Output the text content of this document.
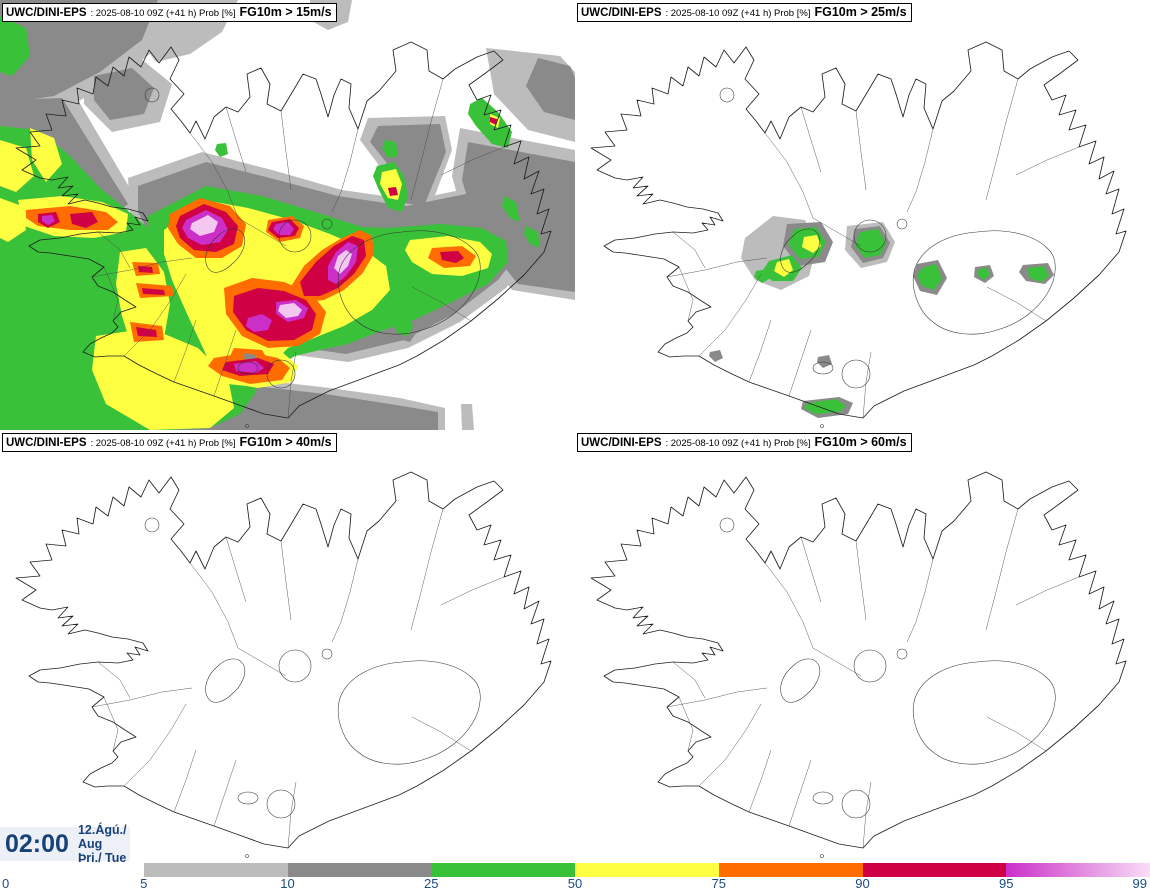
UWC/DINI-EPS : 2025-08-10 09Z (+41 h) Prob [%] FG10m > 15m/s	UWC/DINI-EPS : 2025-08-10 09Z (+41 h) Prob [%] FG10m > 25m/s
UWC/DINI-EPS : 2025-08-10 09Z (+41 h) Prob [%] FG10m > 40m/s	UWC/DINI-EPS : 2025-08-10 09Z (+41 h) Prob [%] FG10m > 60m/s
02:00 12.Ágú./ Aug
Þri./ Tue
0	5	10	25	50	75	90	95	99
